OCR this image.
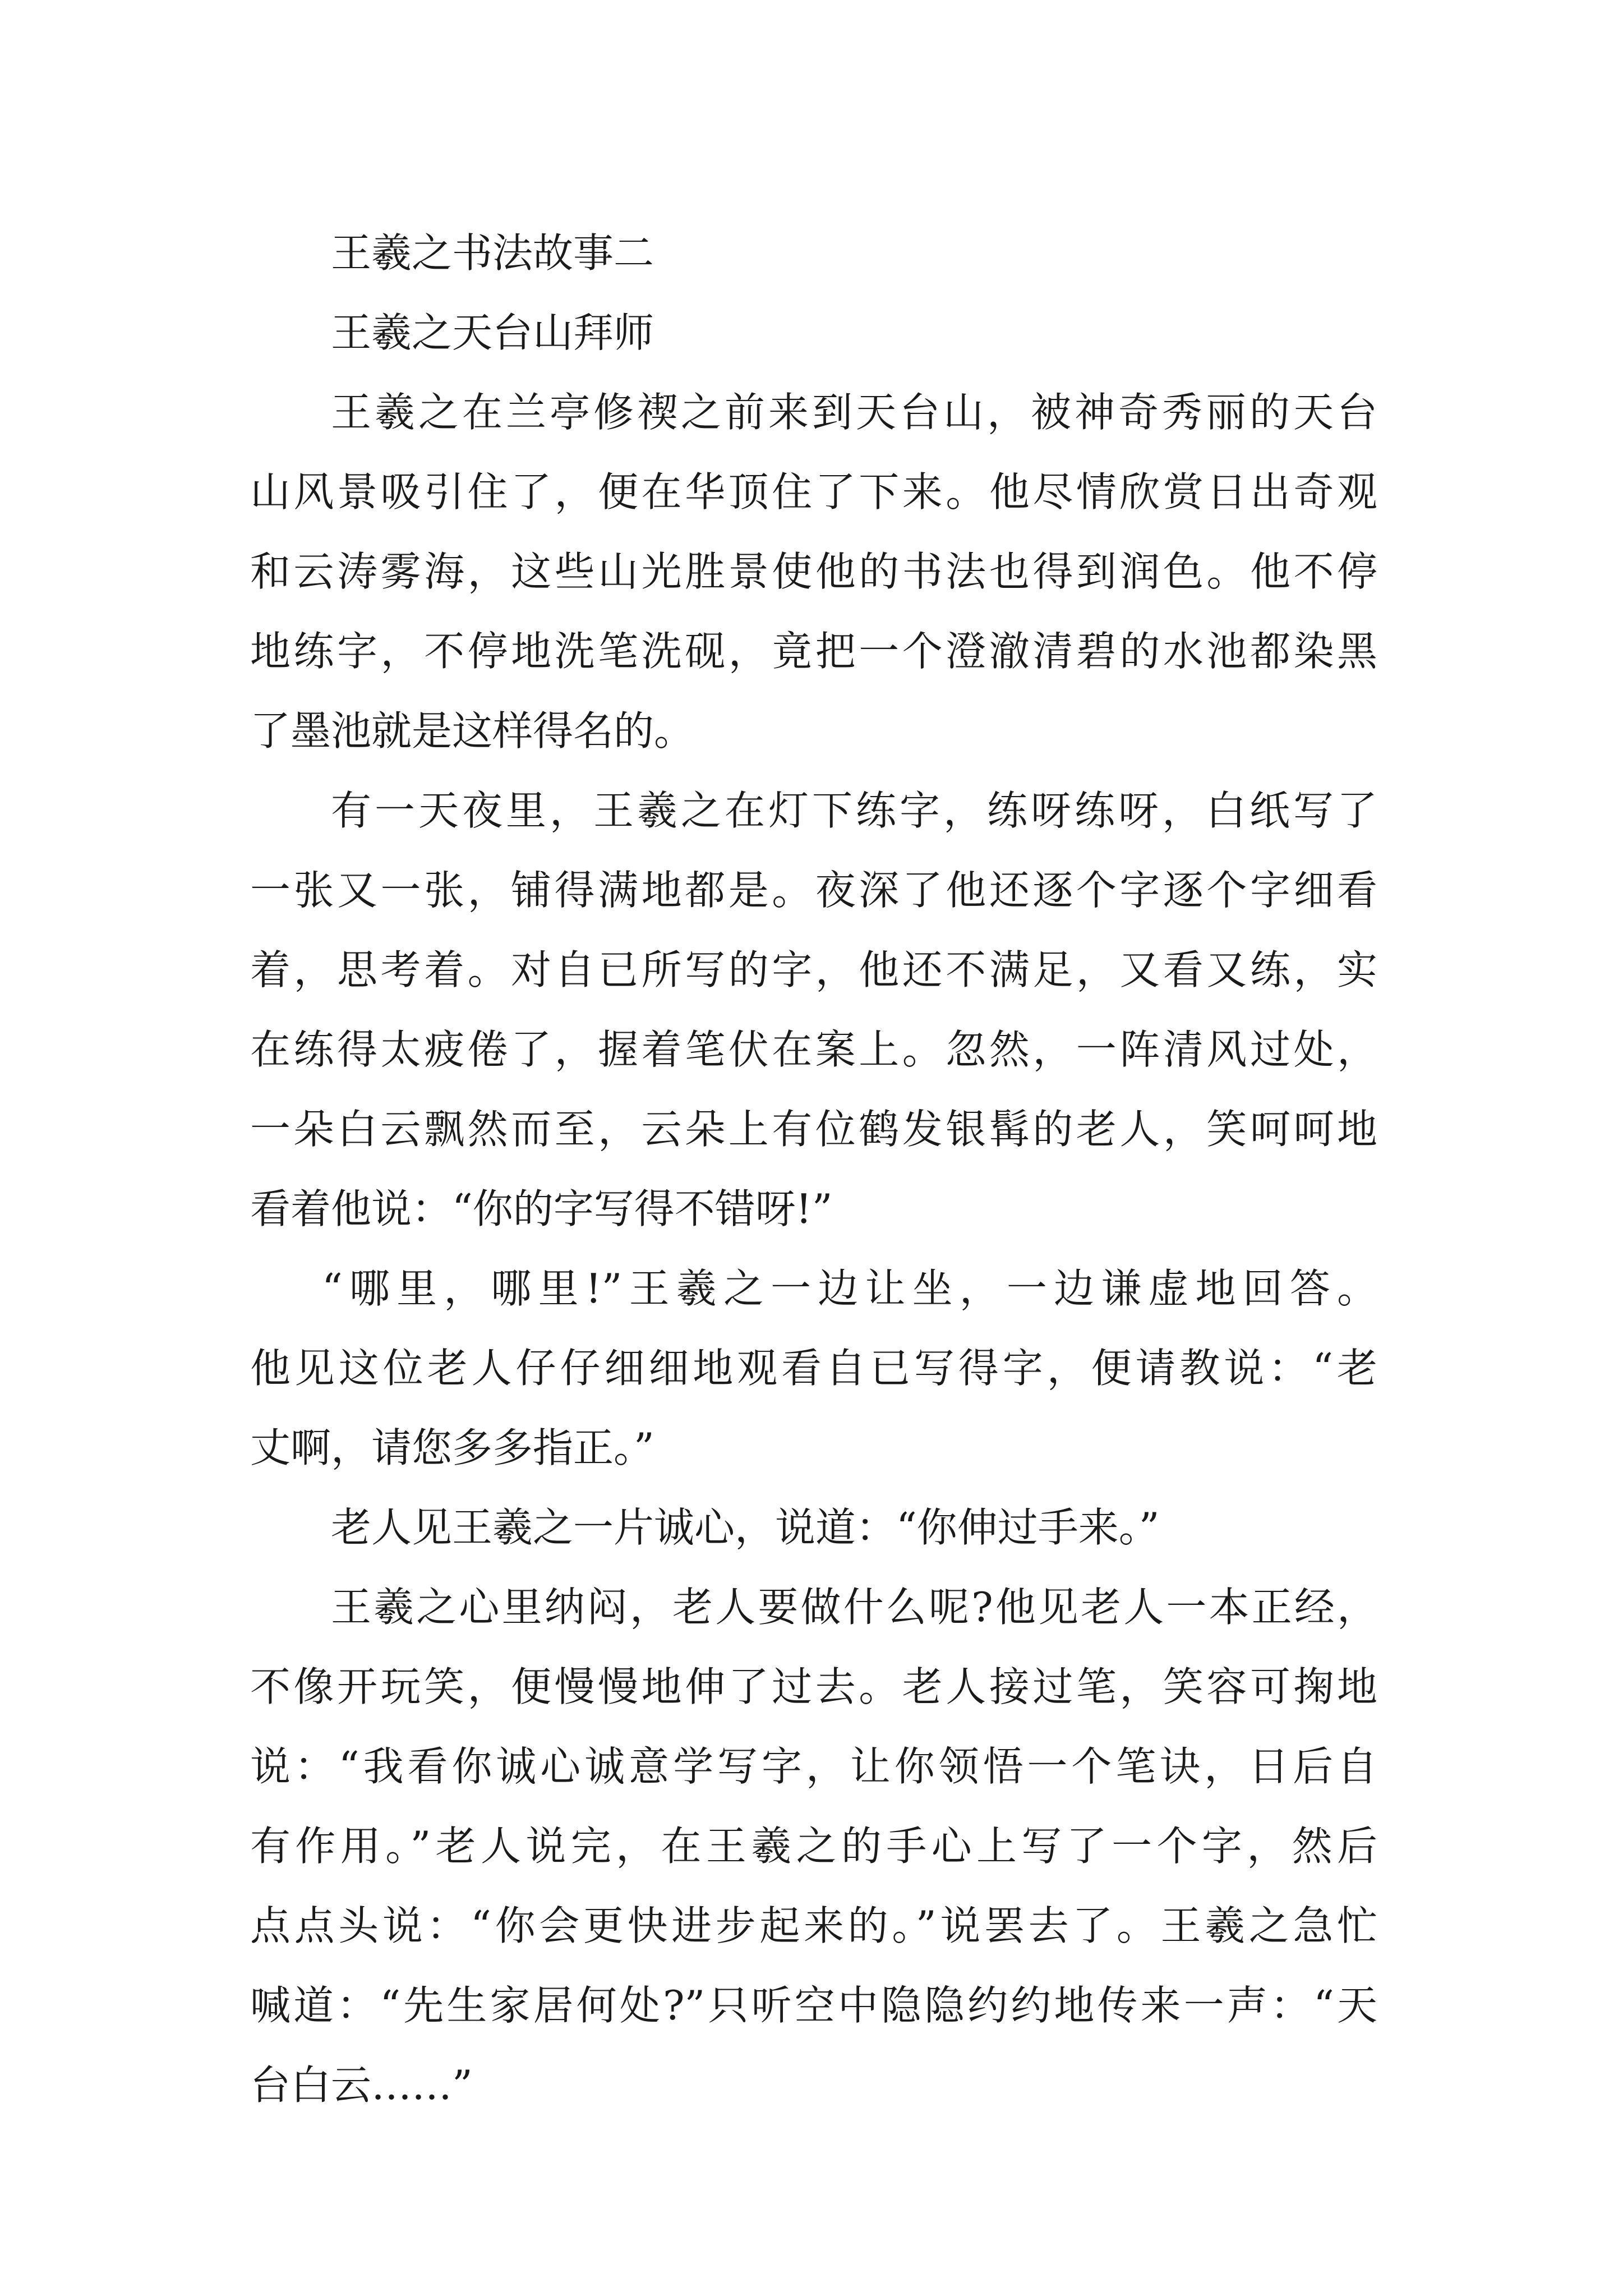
王羲之书法故事二
王羲之天台山拜师
王羲之在兰亭修禊之前来到天台山，被神奇秀丽的天台
山风景吸引住了，便在华顶住了下来。他尽情欣赏日出奇观
和云涛雾海，这些山光胜景使他的书法也得到润色。他不停
地练字，不停地洗笔洗砚，竟把一个澄澈清碧的水池都染黑
了墨池就是这样得名的。
有一天夜里，王羲之在灯下练字，练呀练呀，白纸写了
一张又一张，铺得满地都是。夜深了他还逐个字逐个字细看
着，思考着。对自已所写的字，他还不满足，又看又练，实
在练得太疲倦了，握着笔伏在案上。忽然，一阵清风过处，
一朵白云飘然而至，云朵上有位鹤发银髯的老人，笑呵呵地
看着他说：“你的字写得不错呀!”
“哪里，哪里!”王羲之一边让坐，一边谦虚地回答。
他见这位老人仔仔细细地观看自已写得字，便请教说：“老
丈啊，请您多多指正。”
老人见王羲之一片诚心，说道：“你伸过手来。”
王羲之心里纳闷，老人要做什么呢?他见老人一本正经，
不像开玩笑，便慢慢地伸了过去。老人接过笔，笑容可掬地
说：“我看你诚心诚意学写字，让你领悟一个笔诀，日后自
有作用。”老人说完，在王羲之的手心上写了一个字，然后
点点头说：“你会更快进步起来的。”说罢去了。王羲之急忙
喊道：“先生家居何处?”只听空中隐隐约约地传来一声：“天
台白云……”
